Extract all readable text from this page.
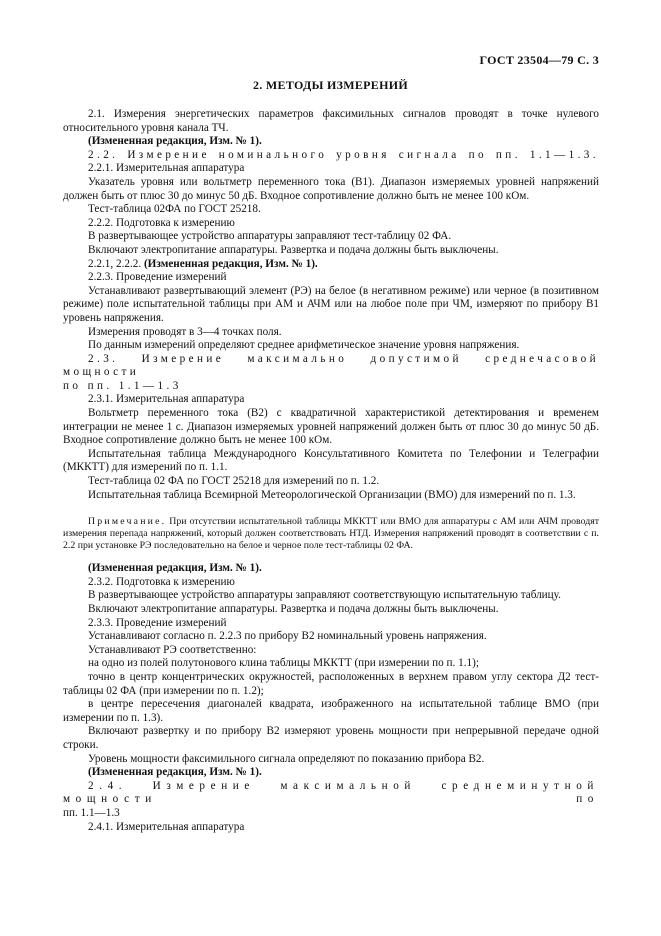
ГОСТ 23504—79 С. 3
2. МЕТОДЫ ИЗМЕРЕНИЙ

2.1. Измерения энергетических параметров факсимильных сигналов проводят в точке нулевого относительного уровня канала ТЧ.

(Измененная редакция, Изм. № 1).

2.2. Измерение номинального уровня сигнала по пп. 1.1—1.3.

2.2.1. Измерительная аппаратура

Указатель уровня или вольтметр переменного тока (В1). Диапазон измеряемых уровней напряжений должен быть от плюс 30 до минус 50 дБ. Входное сопротивление должно быть не менее 100 кОм.

Тест-таблица 02ФА по ГОСТ 25218.

2.2.2. Подготовка к измерению

В развертывающее устройство аппаратуры заправляют тест-таблицу 02 ФА.

Включают электропитание аппаратуры. Развертка и подача должны быть выключены.

2.2.1, 2.2.2. (Измененная редакция, Изм. № 1).

2.2.3. Проведение измерений

Устанавливают развертывающий элемент (РЭ) на белое (в негативном режиме) или черное (в позитивном режиме) поле испытательной таблицы при АМ и АЧМ или на любое поле при ЧМ, измеряют по прибору В1 уровень напряжения.

Измерения проводят в 3—4 точках поля.

По данным измерений определяют среднее арифметическое значение уровня напряжения.

2.3. Измерение максимально допустимой среднечасовой мощности

по пп. 1.1—1.3

2.3.1. Измерительная аппаратура

Вольтметр переменного тока (В2) с квадратичной характеристикой детектирования и временем интеграции не менее 1 с. Диапазон измеряемых уровней напряжений должен быть от плюс 30 до минус 50 дБ. Входное сопротивление должно быть не менее 100 кОм.

Испытательная таблица Международного Консультативного Комитета по Телефонии и Телеграфии (МККТТ) для измерений по п. 1.1.

Тест-таблица 02 ФА по ГОСТ 25218 для измерений по п. 1.2.

Испытательная таблица Всемирной Метеорологической Организации (ВМО) для измерений по п. 1.3.

Примечание. При отсутствии испытательной таблицы МККТТ или ВМО для аппаратуры с АМ или АЧМ проводят измерения перепада напряжений, который должен соответствовать НТД. Измерения напряжений проводят в соответствии с п. 2.2 при установке РЭ последовательно на белое и черное поле тест-таблицы 02 ФА.

(Измененная редакция, Изм. № 1).

2.3.2. Подготовка к измерению

В развертывающее устройство аппаратуры заправляют соответствующую испытательную таблицу.

Включают электропитание аппаратуры. Развертка и подача должны быть выключены.

2.3.3. Проведение измерений

Устанавливают согласно п. 2.2.3 по прибору В2 номинальный уровень напряжения.

Устанавливают РЭ соответственно:

на одно из полей полутонового клина таблицы МККТТ (при измерении по п. 1.1);

точно в центр концентрических окружностей, расположенных в верхнем правом углу сектора Д2 тест-таблицы 02 ФА (при измерении по п. 1.2);

в центре пересечения диагоналей квадрата, изображенного на испытательной таблице ВМО (при измерении по п. 1.3).

Включают развертку и по прибору В2 измеряют уровень мощности при непрерывной передаче одной строки.

Уровень мощности факсимильного сигнала определяют по показанию прибора В2.

(Измененная редакция, Изм. № 1).

2.4. Измерение максимальной среднеминутной мощности по

пп. 1.1—1.3

2.4.1. Измерительная аппаратура
